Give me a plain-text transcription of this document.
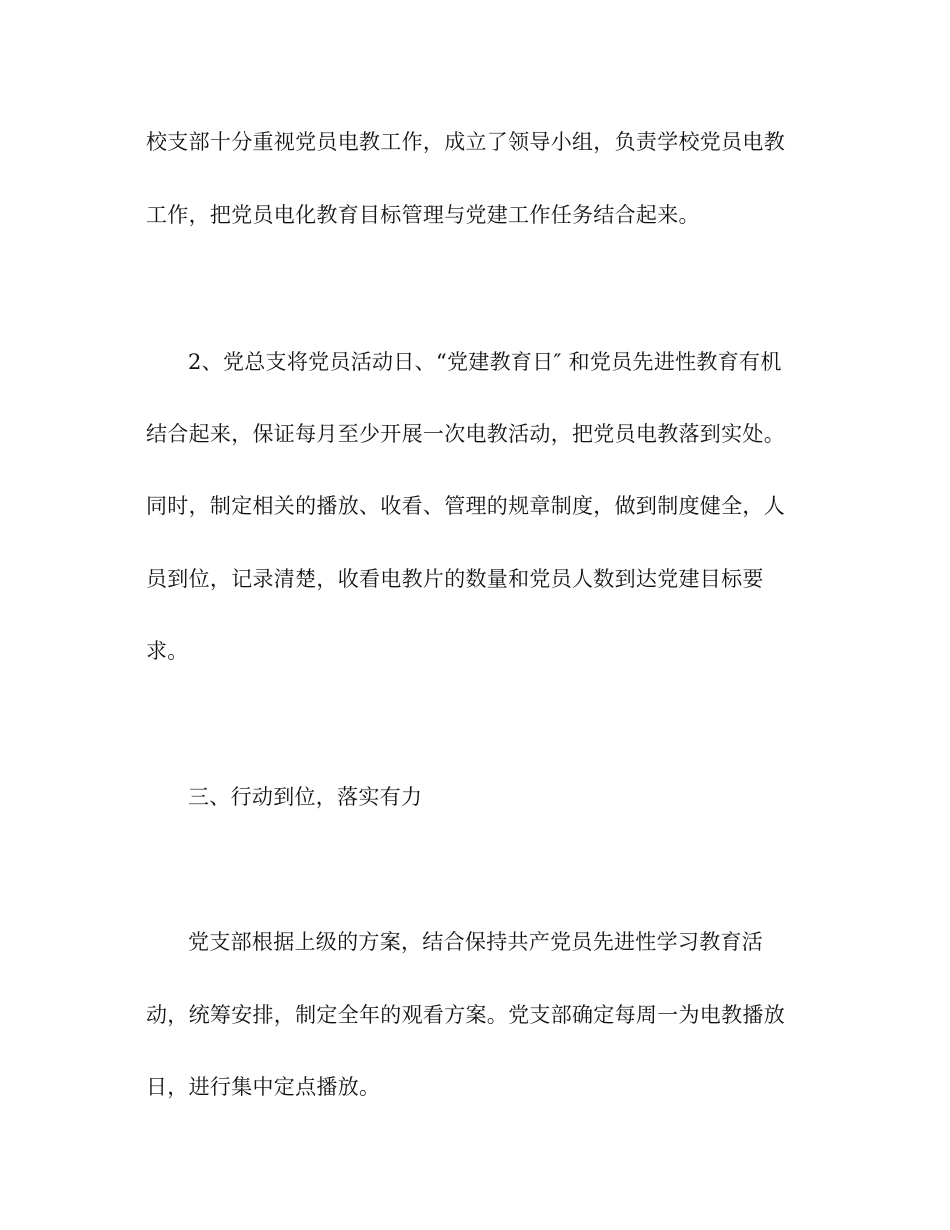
校支部十分重视党员电教工作，成立了领导小组，负责学校党员电教
工作，把党员电化教育目标管理与党建工作任务结合起来。
2、党总支将党员活动日、“党建教育日″ 和党员先进性教育有机
结合起来，保证每月至少开展一次电教活动，把党员电教落到实处。
同时，制定相关的播放、收看、管理的规章制度，做到制度健全，人
员到位，记录清楚，收看电教片的数量和党员人数到达党建目标要
求。
三、行动到位，落实有力
党支部根据上级的方案，结合保持共产党员先进性学习教育活
动，统筹安排，制定全年的观看方案。党支部确定每周一为电教播放
日，进行集中定点播放。
